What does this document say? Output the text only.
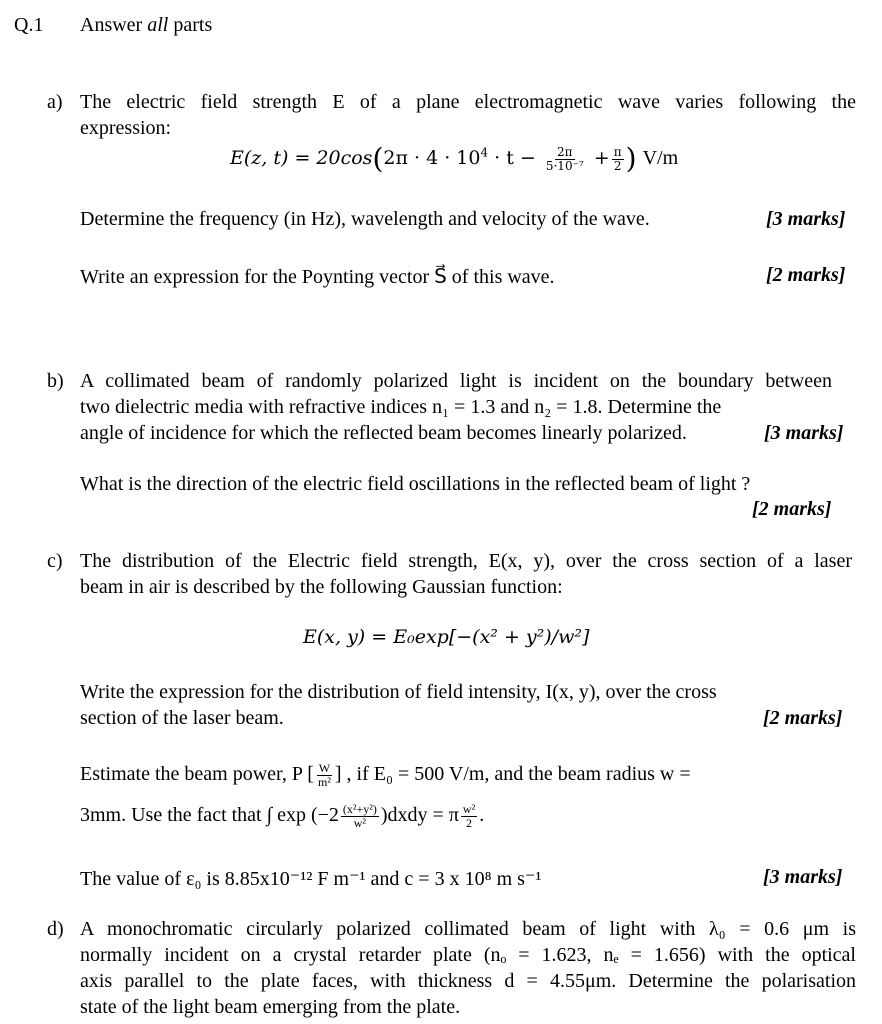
Q.1 Answer all parts
a) The electric field strength E of a plane electromagnetic wave varies following the
expression:
E(z, $t) = 20\cos(2\pi \cdot 4 \cdot 10^4 \cdot t - \frac{2\pi}{\text{5·10⁻⁷}} + \frac{\pi}{2}$ ) V/m
Determine the frequency (in Hz), wavelength and velocity of the wave.	[3 marks]
Write an expression for the Poynting vector S⃗ of this wave.	[2 marks]
b) A collimated beam of randomly polarized light is incident on the boundary between
two dielectric media with refractive indices n₁ = 1.3 and n₂ = 1.8. Determine the
angle of incidence for which the reflected beam becomes linearly polarized.	[3 marks]
What is the direction of the electric field oscillations in the reflected beam of light ?
[2 marks]
c) The distribution of the Electric field strength, E(x, y), over the cross section of a laser
beam in air is described by the following Gaussian function:
E(x, y) = E₀exp[−(x² + y²)/w²]
Write the expression for the distribution of field intensity, I(x, y), over the cross
section of the laser beam.	[2 marks]
Estimate the beam power, P [ $\frac{W}{\text{m²}}$ ] , if E₀ = 500 V/m, and the beam radius w =
3mm. Use the fact that ∫ $\exp (-2 \frac{\text{(x²+y²)}}{\text{w²}}$ )dxdy = π $\frac{\text{w²}}{2}$ .
The value of ε₀ is 8.85x10⁻¹² F m⁻¹ and c = 3 x 10⁸ m s⁻¹	[3 marks]
d) A monochromatic circularly polarized collimated beam of light with λ₀ = 0.6 μm is
normally incident on a crystal retarder plate (nₒ = 1.623, nₑ = 1.656) with the optical
axis parallel to the plate faces, with thickness d = 4.55μm. Determine the polarisation
state of the light beam emerging from the plate.
